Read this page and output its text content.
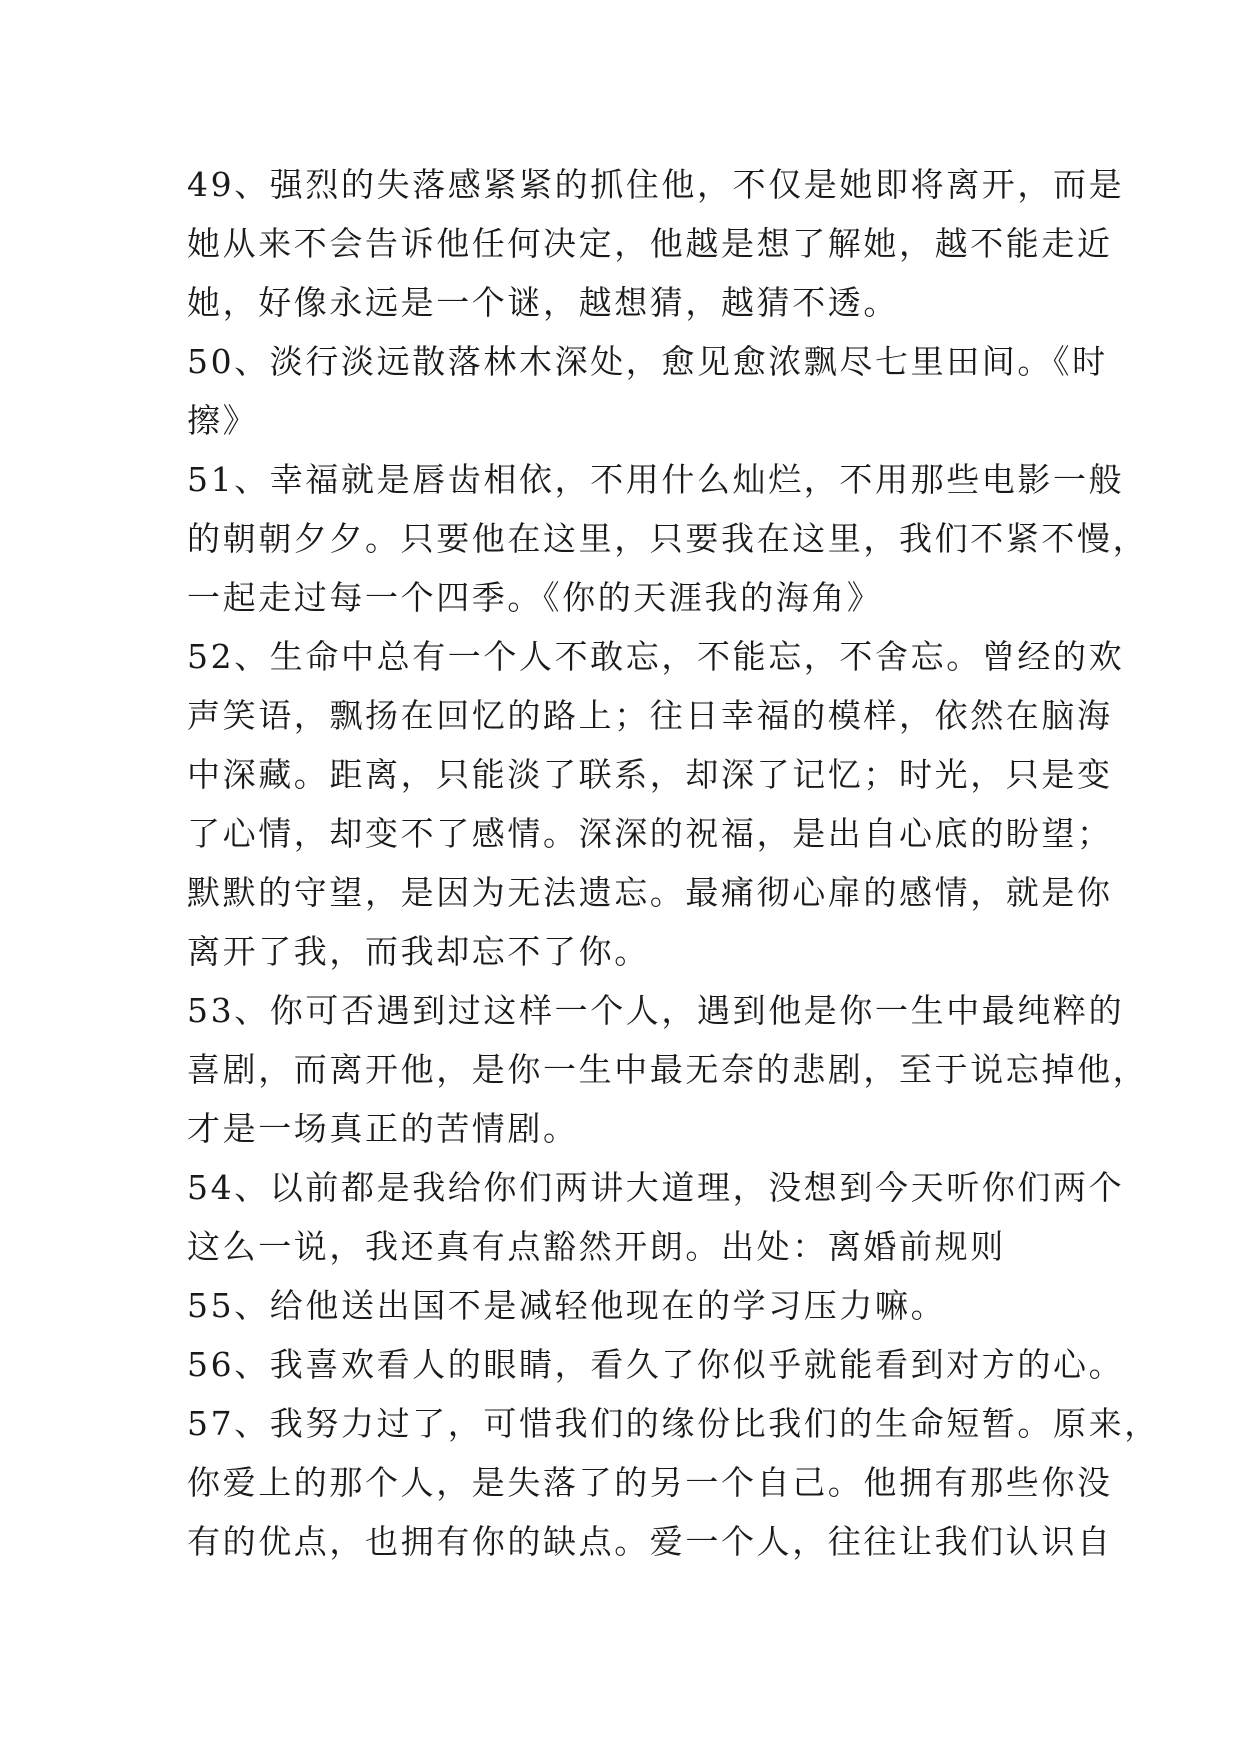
49、强烈的失落感紧紧的抓住他，不仅是她即将离开，而是
她从来不会告诉他任何决定，他越是想了解她，越不能走近
她，好像永远是一个谜，越想猜，越猜不透。
50、淡行淡远散落林木深处，愈见愈浓飘尽七里田间。《时
擦》
51、幸福就是唇齿相依，不用什么灿烂，不用那些电影一般
的朝朝夕夕。只要他在这里，只要我在这里，我们不紧不慢，
一起走过每一个四季。《你的天涯我的海角》
52、生命中总有一个人不敢忘，不能忘，不舍忘。曾经的欢
声笑语，飘扬在回忆的路上；往日幸福的模样，依然在脑海
中深藏。距离，只能淡了联系，却深了记忆；时光，只是变
了心情，却变不了感情。深深的祝福，是出自心底的盼望；
默默的守望，是因为无法遗忘。最痛彻心扉的感情，就是你
离开了我，而我却忘不了你。
53、你可否遇到过这样一个人，遇到他是你一生中最纯粹的
喜剧，而离开他，是你一生中最无奈的悲剧，至于说忘掉他，
才是一场真正的苦情剧。
54、以前都是我给你们两讲大道理，没想到今天听你们两个
这么一说，我还真有点豁然开朗。出处：离婚前规则
55、给他送出国不是减轻他现在的学习压力嘛。
56、我喜欢看人的眼睛，看久了你似乎就能看到对方的心。
57、我努力过了，可惜我们的缘份比我们的生命短暂。原来，
你爱上的那个人，是失落了的另一个自己。他拥有那些你没
有的优点，也拥有你的缺点。爱一个人，往往让我们认识自
